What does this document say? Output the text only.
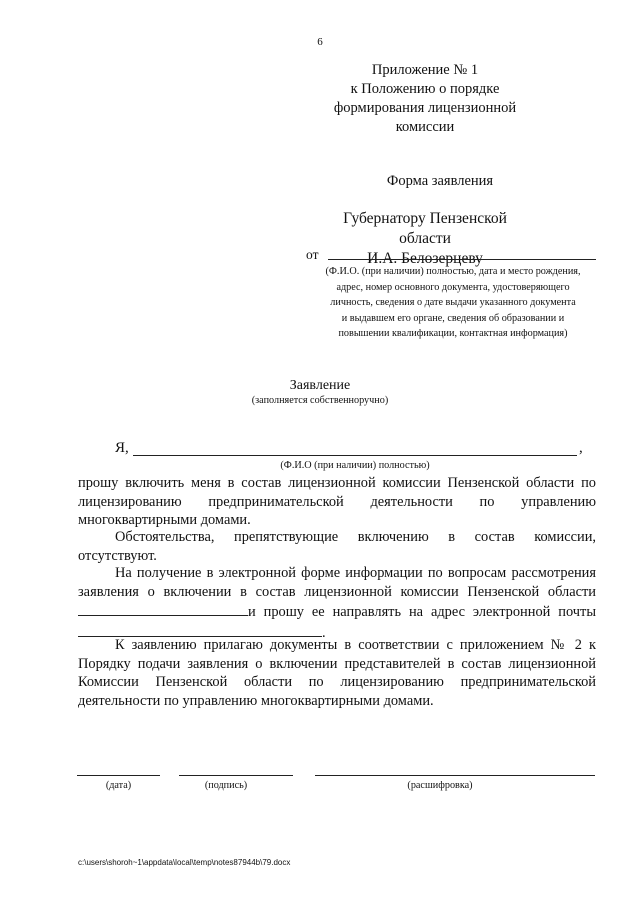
6
Приложение № 1
к Положению о порядке
формирования лицензионной
комиссии
Форма заявления
Губернатору Пензенской области
И.А. Белозерцеву
от
(Ф.И.О. (при наличии) полностью, дата и место рождения,
адрес, номер основного документа, удостоверяющего
личность, сведения о дате выдачи указанного документа
и выдавшем его органе, сведения об образовании и
повышении квалификации, контактная информация)
Заявление
(заполняется собственноручно)
Я,	,
(Ф.И.О (при наличии) полностью)
прошу включить меня в состав лицензионной комиссии Пензенской области по лицензированию предпринимательской деятельности по управлению многоквартирными домами.
Обстоятельства, препятствующие включению в состав комиссии, отсутствуют.
На получение в электронной форме информации по вопросам рассмотрения заявления о включении в состав лицензионной комиссии Пензенской области и прошу ее направлять на адрес электронной почты .
К заявлению прилагаю документы в соответствии с приложением № 2 к Порядку подачи заявления о включении представителей в состав лицензионной Комиссии Пензенской области по лицензированию предпринимательской деятельности по управлению многоквартирными домами.
(дата)	(подпись)	(расшифровка)
c:\users\shoroh~1\appdata\local\temp\notes87944b\79.docx
